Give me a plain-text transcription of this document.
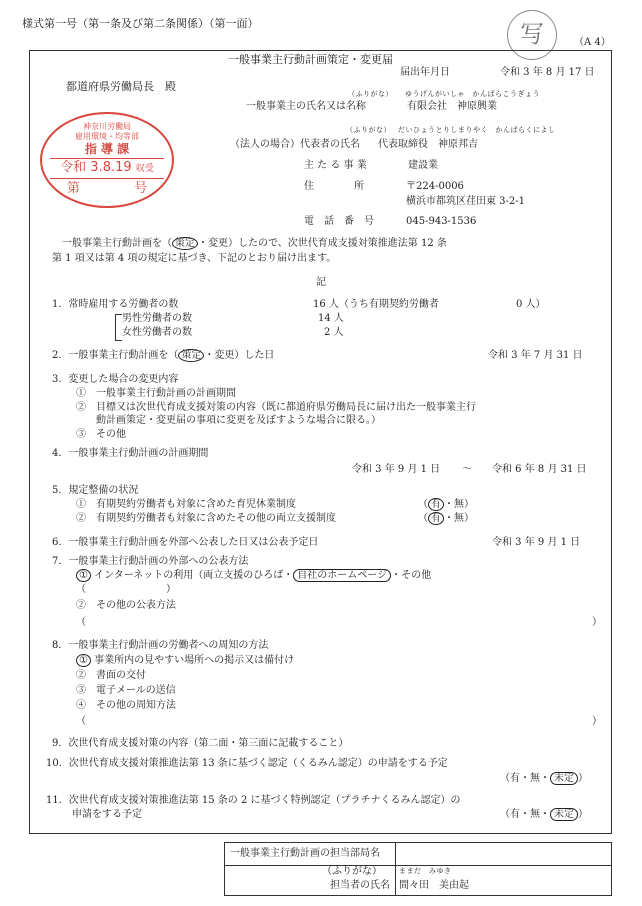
様式第一号（第一条及び第二条関係）（第一面）	写	（A 4）
一般事業主行動計画策定・変更届
届出年月日	令和 3 年 8 月 17 日
都道府県労働局長　殿
（ふりがな） ゆうげんがいしゃ　かんばらこうぎょう
一般事業主の氏名又は名称	有限会社　神原興業
（ふりがな） だいひょうとりしまりやく　かんばらくによし
（法人の場合）代表者の氏名 代表取締役　神原邦吉
主 た る 事 業	建設業
住　　　　所	〒224-0006
横浜市都筑区荏田東 3-2-1
電　話　番　号	045-943-1536
神奈川労働局
雇用環境・均等部
指 導 課
令和 3.8.19 収受
第	号
一般事業主行動計画を（ 策定 ・変更）したので、次世代育成支援対策推進法第 12 条
第 1 項又は第 4 項の規定に基づき、下記のとおり届け出ます。
記
1．常時雇用する労働者の数	16 人（うち有期契約労働者	0 人）
男性労働者の数	14 人
女性労働者の数	2 人
2．一般事業主行動計画を（ 策定 ・変更）した日	令和 3 年 7 月 31 日
3．変更した場合の変更内容
①　一般事業主行動計画の計画期間
②　目標又は次世代育成支援対策の内容（既に都道府県労働局長に届け出た一般事業主行
動計画策定・変更届の事項に変更を及ぼすような場合に限る。）
③　その他
4．一般事業主行動計画の計画期間
令和 3 年 9 月 1 日 ～ 令和 6 年 8 月 31 日
5．規定整備の状況
①　有期契約労働者も対象に含めた育児休業制度	（ 有 ・無）
②　有期契約労働者も対象に含めたその他の両立支援制度	（ 有 ・無）
6．一般事業主行動計画を外部へ公表した日又は公表予定日	令和 3 年 9 月 1 日
7．一般事業主行動計画の外部への公表方法
① インターネットの利用（両立支援のひろば・ 自社のホームページ ・その他
（　　　　　　　　）
②　その他の公表方法
（	）
8．一般事業主行動計画の労働者への周知の方法
① 事業所内の見やすい場所への掲示又は備付け
②　書面の交付
③　電子メールの送信
④　その他の周知方法
（	）
9．次世代育成支援対策の内容（第二面・第三面に記載すること）
10．次世代育成支援対策推進法第 13 条に基づく認定（くるみん認定）の申請をする予定
（有・無・ 未定 ）
11．次世代育成支援対策推進法第 15 条の 2 に基づく特例認定（プラチナくるみん認定）の
申請をする予定	（有・無・ 未定 ）
一般事業主行動計画の担当部局名
（ふりがな） ままだ　みゆき
担当者の氏名 間々田　美由起
